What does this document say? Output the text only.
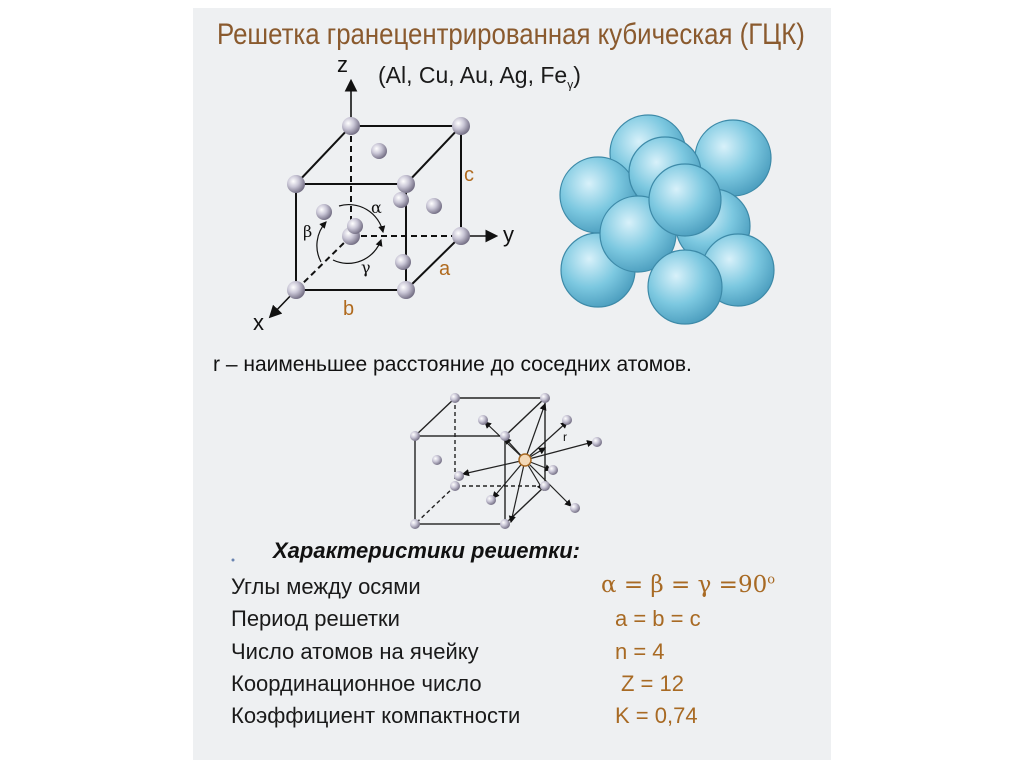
Решетка гранецентрированная кубическая (ГЦК)
(Al, Cu, Au, Ag, $Fe_\gamma$)
z
y
x
c
a
b
α
β
γ
r
r – наименьшее расстояние до соседних атомов.
Характеристики решетки:
Углы между осями	$\alpha = \beta = \gamma =90^o$
Период решетки	a = b = c
Число атомов на ячейку	n = 4
Координационное число	Z = 12
Коэффициент компактности	K = 0,74
